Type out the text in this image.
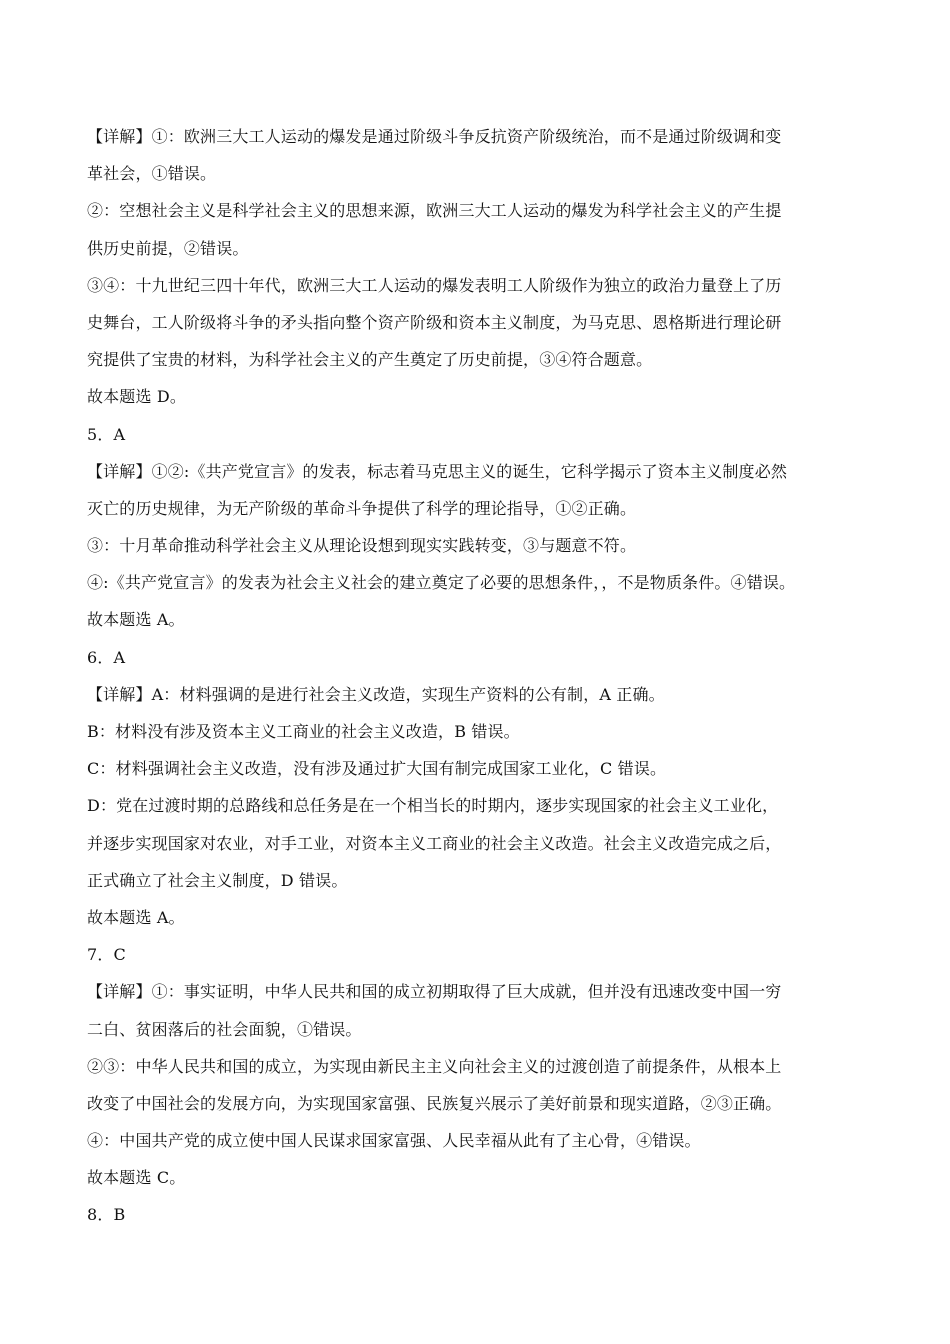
【详解】①：欧洲三大工人运动的爆发是通过阶级斗争反抗资产阶级统治，而不是通过阶级调和变
革社会，①错误。
②：空想社会主义是科学社会主义的思想来源，欧洲三大工人运动的爆发为科学社会主义的产生提
供历史前提，②错误。
③④：十九世纪三四十年代，欧洲三大工人运动的爆发表明工人阶级作为独立的政治力量登上了历
史舞台，工人阶级将斗争的矛头指向整个资产阶级和资本主义制度，为马克思、恩格斯进行理论研
究提供了宝贵的材料，为科学社会主义的产生奠定了历史前提，③④符合题意。
故本题选 D。
5．A
【详解】①②:《共产党宣言》的发表，标志着马克思主义的诞生，它科学揭示了资本主义制度必然
灭亡的历史规律，为无产阶级的革命斗争提供了科学的理论指导，①②正确。
③：十月革命推动科学社会主义从理论设想到现实实践转变，③与题意不符。
④:《共产党宣言》的发表为社会主义社会的建立奠定了必要的思想条件，，不是物质条件。④错误。
故本题选 A。
6．A
【详解】A：材料强调的是进行社会主义改造，实现生产资料的公有制，A 正确。
B：材料没有涉及资本主义工商业的社会主义改造，B 错误。
C：材料强调社会主义改造，没有涉及通过扩大国有制完成国家工业化，C 错误。
D：党在过渡时期的总路线和总任务是在一个相当长的时期内，逐步实现国家的社会主义工业化，
并逐步实现国家对农业，对手工业，对资本主义工商业的社会主义改造。社会主义改造完成之后，
正式确立了社会主义制度，D 错误。
故本题选 A。
7．C
【详解】①：事实证明，中华人民共和国的成立初期取得了巨大成就，但并没有迅速改变中国一穷
二白、贫困落后的社会面貌，①错误。
②③：中华人民共和国的成立，为实现由新民主主义向社会主义的过渡创造了前提条件，从根本上
改变了中国社会的发展方向，为实现国家富强、民族复兴展示了美好前景和现实道路，②③正确。
④：中国共产党的成立使中国人民谋求国家富强、人民幸福从此有了主心骨，④错误。
故本题选 C。
8．B
